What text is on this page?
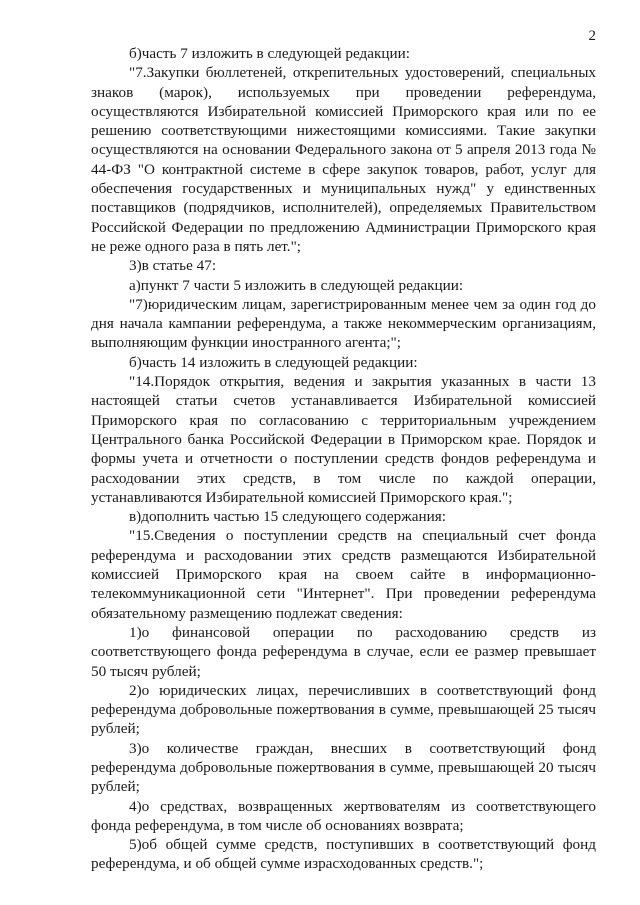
2

б)часть 7 изложить в следующей редакции:

"7.Закупки бюллетеней, открепительных удостоверений, специальных знаков (марок), используемых при проведении референдума, осуществляются Избирательной комиссией Приморского края или по ее решению соответствующими нижестоящими комиссиями. Такие закупки осуществляются на основании Федерального закона от 5 апреля 2013 года № 44-ФЗ "О контрактной системе в сфере закупок товаров, работ, услуг для обеспечения государственных и муниципальных нужд" у единственных поставщиков (подрядчиков, исполнителей), определяемых Правительством Российской Федерации по предложению Администрации Приморского края не реже одного раза в пять лет.";

3)в статье 47:

а)пункт 7 части 5 изложить в следующей редакции:

"7)юридическим лицам, зарегистрированным менее чем за один год до дня начала кампании референдума, а также некоммерческим организациям, выполняющим функции иностранного агента;";

б)часть 14 изложить в следующей редакции:

"14.Порядок открытия, ведения и закрытия указанных в части 13 настоящей статьи счетов устанавливается Избирательной комиссией Приморского края по согласованию с территориальным учреждением Центрального банка Российской Федерации в Приморском крае. Порядок и формы учета и отчетности о поступлении средств фондов референдума и расходовании этих средств, в том числе по каждой операции, устанавливаются Избирательной комиссией Приморского края.";

в)дополнить частью 15 следующего содержания:

"15.Сведения о поступлении средств на специальный счет фонда референдума и расходовании этих средств размещаются Избирательной комиссией Приморского края на своем сайте в информационно-телекоммуникационной сети "Интернет". При проведении референдума обязательному размещению подлежат сведения:

1)о финансовой операции по расходованию средств из соответствующего фонда референдума в случае, если ее размер превышает 50 тысяч рублей;

2)о юридических лицах, перечисливших в соответствующий фонд референдума добровольные пожертвования в сумме, превышающей 25 тысяч рублей;

3)о количестве граждан, внесших в соответствующий фонд референдума добровольные пожертвования в сумме, превышающей 20 тысяч рублей;

4)о средствах, возвращенных жертвователям из соответствующего фонда референдума, в том числе об основаниях возврата;

5)об общей сумме средств, поступивших в соответствующий фонд референдума, и об общей сумме израсходованных средств.";
